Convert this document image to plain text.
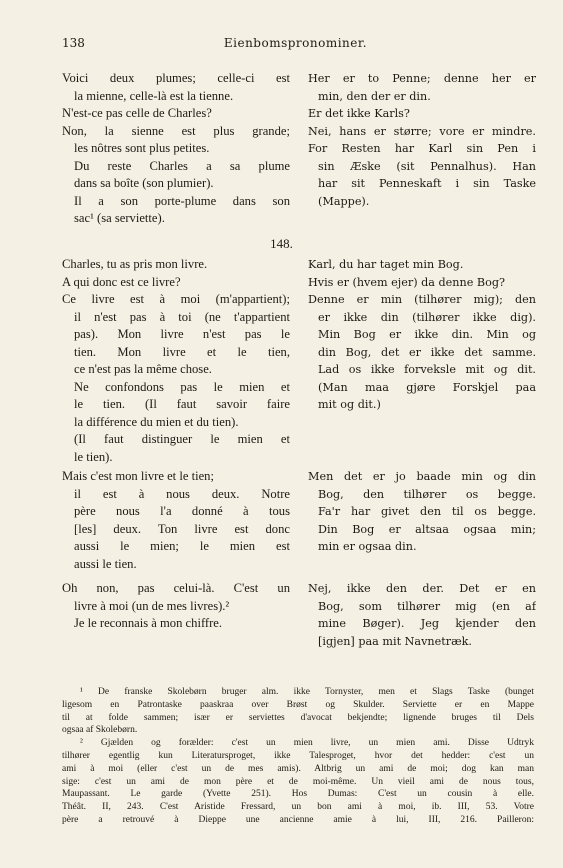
138	Eienbomspronominer.
Voici deux plumes; celle-ci est
la mienne, celle-là est la tienne.
N'est-ce pas celle de Charles?
Non, la sienne est plus grande;
les nôtres sont plus petites.
Du reste Charles a sa plume
dans sa boîte (son plumier).
Il a son porte-plume dans son
sac¹ (sa serviette).
Her er to Penne; denne her er
min, den der er din.
Er det ikke Karls?
Nei, hans er større; vore er mindre.
For Resten har Karl sin Pen i
sin Æske (sit Pennalhus). Han
har sit Penneskaft i sin Taske
(Mappe).
148.
Charles, tu as pris mon livre.
A qui donc est ce livre?
Ce livre est à moi (m'appartient);
il n'est pas à toi (ne t'appartient
pas). Mon livre n'est pas le
tien. Mon livre et le tien,
ce n'est pas la même chose.
Ne confondons pas le mien et
le tien. (Il faut savoir faire
la différence du mien et du tien).
(Il faut distinguer le mien et
le tien).
Karl, du har taget min Bog.
Hvis er (hvem ejer) da denne Bog?
Denne er min (tilhører mig); den
er ikke din (tilhører ikke dig).
Min Bog er ikke din. Min og
din Bog, det er ikke det samme.
Lad os ikke forveksle mit og dit.
(Man maa gjøre Forskjel paa
mit og dit.)
Mais c'est mon livre et le tien;
il est à nous deux. Notre
père nous l'a donné à tous
[les] deux. Ton livre est donc
aussi le mien; le mien est
aussi le tien.
Men det er jo baade min og din
Bog, den tilhører os begge.
Fa'r har givet den til os begge.
Din Bog er altsaa ogsaa min;
min er ogsaa din.
Oh non, pas celui-là. C'est un
livre à moi (un de mes livres).²
Je le reconnais à mon chiffre.
Nej, ikke den der. Det er en
Bog, som tilhører mig (en af
mine Bøger). Jeg kjender den
[igjen] paa mit Navnetræk.
¹ De franske Skolebørn bruger alm. ikke Tornyster, men et Slags Taske (bunget
ligesom en Patrontaske paaskraa over Brøst og Skulder. Serviette er en Mappe
til at folde sammen; især er serviettes d'avocat bekjendte; lignende bruges til Dels
ogsaa af Skolebørn.
² Gjælden og forælder: c'est un mien livre, un mien ami. Disse Udtryk
tilhører egentlig kun Literatursproget, ikke Talesproget, hvor det hedder: c'est un
ami à moi (eller c'est un de mes amis). Altbrig un ami de moi; dog kan man
sige: c'est un ami de mon père et de moi-même. Un vieil ami de nous tous,
Maupassant. Le garde (Yvette 251). Hos Dumas: C'est un cousin à elle.
Théât. II, 243. C'est Aristide Fressard, un bon ami à moi, ib. III, 53. Votre
père a retrouvé à Dieppe une ancienne amie à lui, III, 216. Pailleron:
